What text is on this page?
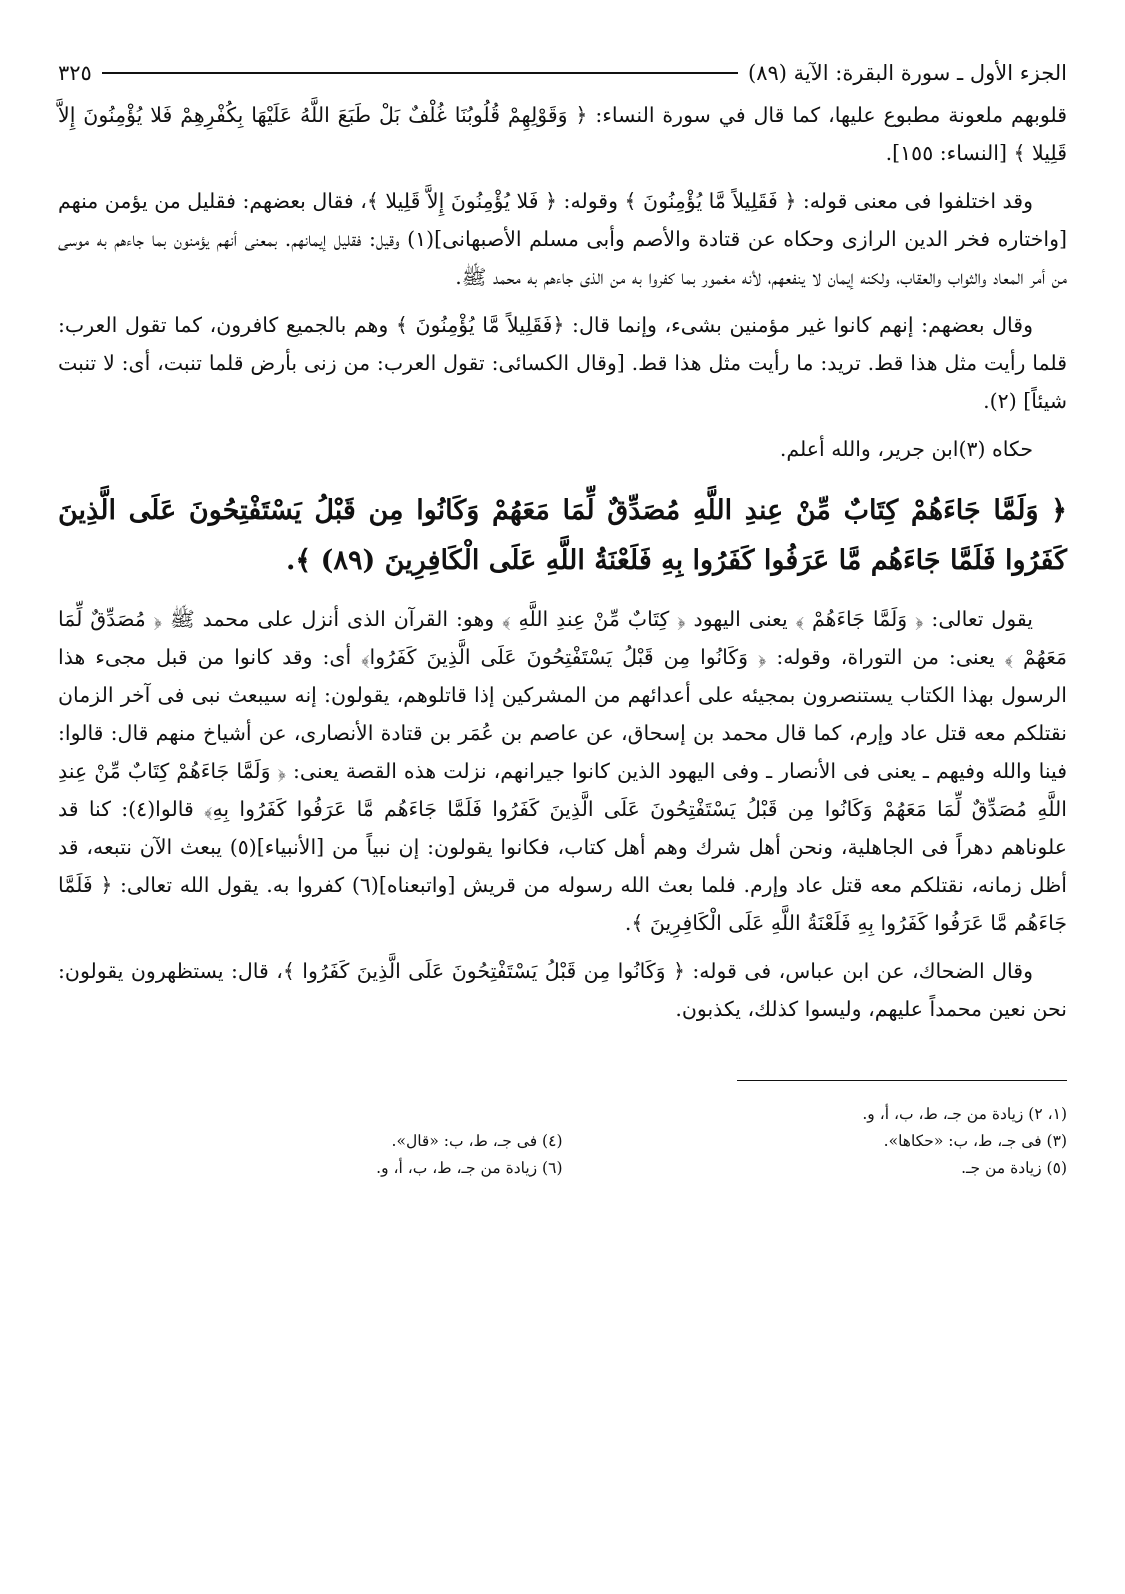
الجزء الأول ـ سورة البقرة: الآية (٨٩)
٣٢٥

قلوبهم ملعونة مطبوع عليها، كما قال في سورة النساء: ﴿ وَقَوْلِهِمْ قُلُوبُنَا غُلْفٌ بَلْ طَبَعَ اللَّهُ عَلَيْهَا بِكُفْرِهِمْ فَلا يُؤْمِنُونَ إِلاَّ قَلِيلا ﴾ [النساء: ١٥٥].

وقد اختلفوا فى معنى قوله: ﴿ فَقَلِيلاً مَّا يُؤْمِنُونَ ﴾ وقوله: ﴿ فَلا يُؤْمِنُونَ إِلاَّ قَلِيلا ﴾، فقال بعضهم: فقليل من يؤمن منهم [واختاره فخر الدين الرازى وحكاه عن قتادة والأصم وأبى مسلم الأصبهانى](١) وقيل: فقليل إيمانهم. بمعنى أنهم يؤمنون بما جاءهم به موسى من أمر المعاد والثواب والعقاب، ولكنه إيمان لا ينفعهم، لأنه مغمور بما كفروا به من الذى جاءهم به محمد ﷺ.

وقال بعضهم: إنهم كانوا غير مؤمنين بشىء، وإنما قال: ﴿فَقَلِيلاً مَّا يُؤْمِنُونَ ﴾ وهم بالجميع كافرون، كما تقول العرب: قلما رأيت مثل هذا قط. تريد: ما رأيت مثل هذا قط. [وقال الكسائى: تقول العرب: من زنى بأرض قلما تنبت، أى: لا تنبت شيئاً] (٢).

حكاه (٣)ابن جرير، والله أعلم.

﴿ وَلَمَّا جَاءَهُمْ كِتَابٌ مِّنْ عِندِ اللَّهِ مُصَدِّقٌ لِّمَا مَعَهُمْ وَكَانُوا مِن قَبْلُ يَسْتَفْتِحُونَ عَلَى الَّذِينَ كَفَرُوا فَلَمَّا جَاءَهُم مَّا عَرَفُوا كَفَرُوا بِهِ فَلَعْنَةُ اللَّهِ عَلَى الْكَافِرِينَ (٨٩) ﴾.

يقول تعالى: ﴿ وَلَمَّا جَاءَهُمْ ﴾ يعنى اليهود ﴿ كِتَابٌ مِّنْ عِندِ اللَّهِ ﴾ وهو: القرآن الذى أنزل على محمد ﷺ ﴿ مُصَدِّقٌ لِّمَا مَعَهُمْ ﴾ يعنى: من التوراة، وقوله: ﴿ وَكَانُوا مِن قَبْلُ يَسْتَفْتِحُونَ عَلَى الَّذِينَ كَفَرُوا﴾ أى: وقد كانوا من قبل مجىء هذا الرسول بهذا الكتاب يستنصرون بمجيئه على أعدائهم من المشركين إذا قاتلوهم، يقولون: إنه سيبعث نبى فى آخر الزمان نقتلكم معه قتل عاد وإرم، كما قال محمد بن إسحاق، عن عاصم بن عُمَر بن قتادة الأنصارى، عن أشياخ منهم قال: قالوا: فينا والله وفيهم ـ يعنى فى الأنصار ـ وفى اليهود الذين كانوا جيرانهم، نزلت هذه القصة يعنى: ﴿ وَلَمَّا جَاءَهُمْ كِتَابٌ مِّنْ عِندِ اللَّهِ مُصَدِّقٌ لِّمَا مَعَهُمْ وَكَانُوا مِن قَبْلُ يَسْتَفْتِحُونَ عَلَى الَّذِينَ كَفَرُوا فَلَمَّا جَاءَهُم مَّا عَرَفُوا كَفَرُوا بِهِ﴾ قالوا(٤): كنا قد علوناهم دهراً فى الجاهلية، ونحن أهل شرك وهم أهل كتاب، فكانوا يقولون: إن نبياً من [الأنبياء](٥) يبعث الآن نتبعه، قد أظل زمانه، نقتلكم معه قتل عاد وإرم. فلما بعث الله رسوله من قريش [واتبعناه](٦) كفروا به. يقول الله تعالى: ﴿ فَلَمَّا جَاءَهُم مَّا عَرَفُوا كَفَرُوا بِهِ فَلَعْنَةُ اللَّهِ عَلَى الْكَافِرِينَ ﴾.

وقال الضحاك، عن ابن عباس، فى قوله: ﴿ وَكَانُوا مِن قَبْلُ يَسْتَفْتِحُونَ عَلَى الَّذِينَ كَفَرُوا ﴾، قال: يستظهرون يقولون: نحن نعين محمداً عليهم، وليسوا كذلك، يكذبون.

(١، ٢) زيادة من جـ، ط، ب، أ، و.
(٣) فى جـ، ط، ب: «حكاها».
(٤) فى جـ، ط، ب: «قال».
(٥) زيادة من جـ.
(٦) زيادة من جـ، ط، ب، أ، و.
